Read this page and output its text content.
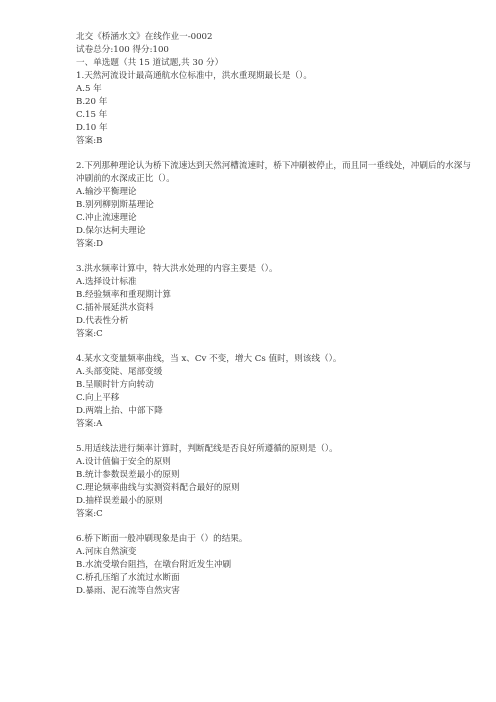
北交《桥涵水文》在线作业一-0002
试卷总分:100 得分:100
一、单选题（共 15 道试题,共 30 分）
1.天然河流设计最高通航水位标准中，洪水重现期最长是（）。
A.5 年
B.20 年
C.15 年
D.10 年
答案:B
2.下列那种理论认为桥下流速达到天然河槽流速时，桥下冲刷被停止，而且同一垂线处，冲刷后的水深与冲刷前的水深成正比（）。
A.输沙平衡理论
B.别列柳别斯基理论
C.冲止流速理论
D.保尔达柯夫理论
答案:D
3.洪水频率计算中，特大洪水处理的内容主要是（）。
A.选择设计标准
B.经验频率和重现期计算
C.插补展延洪水资料
D.代表性分析
答案:C
4.某水文变量频率曲线，当 x、Cv 不变，增大 Cs 值时，则该线（）。
A.头部变陡、尾部变缓
B.呈顺时针方向转动
C.向上平移
D.两端上抬、中部下降
答案:A
5.用适线法进行频率计算时，判断配线是否良好所遵循的原则是（）。
A.设计值偏于安全的原则
B.统计参数误差最小的原则
C.理论频率曲线与实测资料配合最好的原则
D.抽样误差最小的原则
答案:C
6.桥下断面一般冲刷现象是由于（）的结果。
A.河床自然演变
B.水流受墩台阻挡，在墩台附近发生冲刷
C.桥孔压缩了水流过水断面
D.暴雨、泥石流等自然灾害
